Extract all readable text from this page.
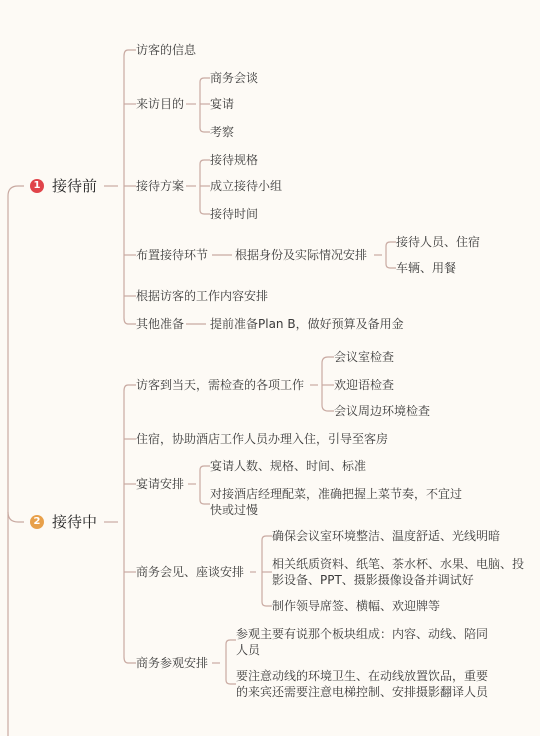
1 接待前
访客的信息
来访目的
商务会谈
宴请
考察
接待方案
接待规格
成立接待小组
接待时间
布置接待环节 根据身份及实际情况安排
接待人员、住宿
车辆、用餐
根据访客的工作内容安排
其他准备 提前准备Plan B，做好预算及备用金
2 接待中
访客到当天，需检查的各项工作
会议室检查
欢迎语检查
会议周边环境检查
住宿，协助酒店工作人员办理入住，引导至客房
宴请安排
宴请人数、规格、时间、标准
对接酒店经理配菜，准确把握上菜节奏，不宜过快或过慢
商务会见、座谈安排
确保会议室环境整洁、温度舒适、光线明暗
相关纸质资料、纸笔、茶水杯、水果、电脑、投影设备、PPT、摄影摄像设备并调试好
制作领导席签、横幅、欢迎牌等
商务参观安排
参观主要有说那个板块组成：内容、动线、陪同人员
要注意动线的环境卫生、在动线放置饮品，重要的来宾还需要注意电梯控制、安排摄影翻译人员
